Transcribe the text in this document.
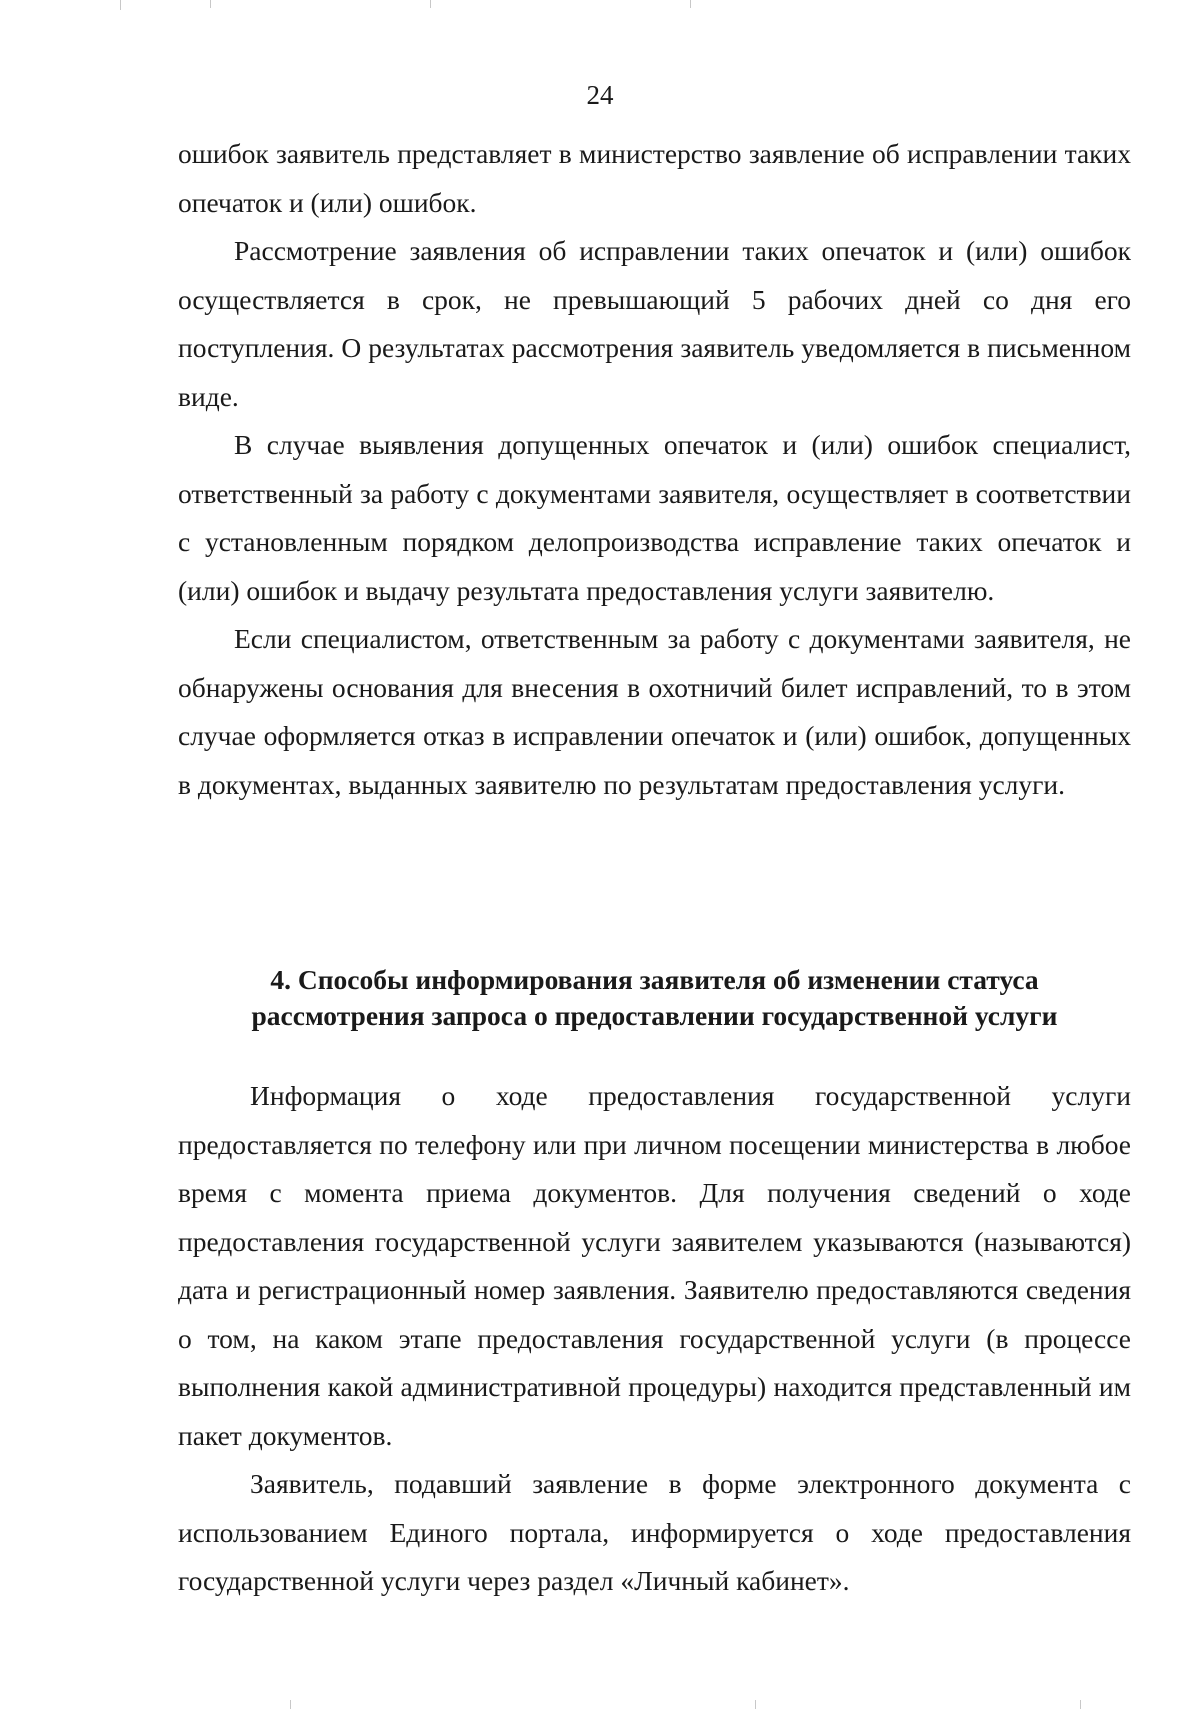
24

ошибок заявитель представляет в министерство заявление об исправлении таких опечаток и (или) ошибок.

Рассмотрение заявления об исправлении таких опечаток и (или) ошибок осуществляется в срок, не превышающий 5 рабочих дней со дня его поступления. О результатах рассмотрения заявитель уведомляется в письменном виде.

В случае выявления допущенных опечаток и (или) ошибок специалист, ответственный за работу с документами заявителя, осуществляет в соответствии с установленным порядком делопроизводства исправление таких опечаток и (или) ошибок и выдачу результата предоставления услуги заявителю.

Если специалистом, ответственным за работу с документами заявителя, не обнаружены основания для внесения в охотничий билет исправлений, то в этом случае оформляется отказ в исправлении опечаток и (или) ошибок, допущенных в документах, выданных заявителю по результатам предоставления услуги.

4. Способы информирования заявителя об изменении статуса
рассмотрения запроса о предоставлении государственной услуги

Информация о ходе предоставления государственной услуги предоставляется по телефону или при личном посещении министерства в любое время с момента приема документов. Для получения сведений о ходе предоставления государственной услуги заявителем указываются (называются) дата и регистрационный номер заявления. Заявителю предоставляются сведения о том, на каком этапе предоставления государственной услуги (в процессе выполнения какой административной процедуры) находится представленный им пакет документов.

Заявитель, подавший заявление в форме электронного документа с использованием Единого портала, информируется о ходе предоставления государственной услуги через раздел «Личный кабинет».
